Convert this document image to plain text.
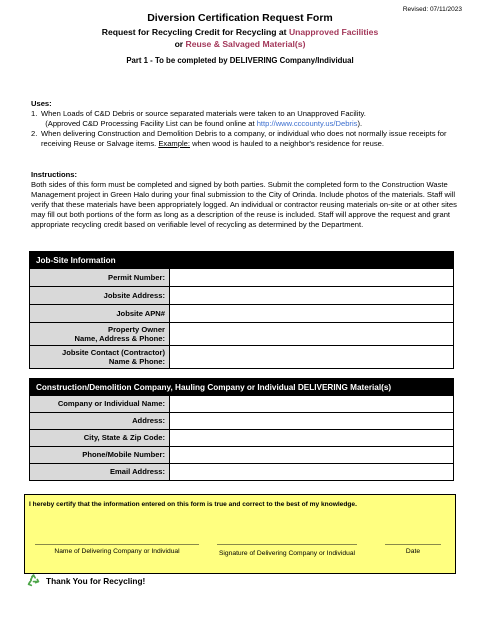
Revised: 07/11/2023
Diversion Certification Request Form
Request for Recycling Credit for Recycling at Unapproved Facilities
or Reuse & Salvaged Material(s)
Part 1 - To be completed by DELIVERING Company/Individual
Uses:
1. When Loads of C&D Debris or source separated materials were taken to an Unapproved Facility.
(Approved C&D Processing Facility List can be found online at http://www.cccounty.us/Debris).
2. When delivering Construction and Demolition Debris to a company, or individual who does not normally issue receipts for receiving Reuse or Salvage items. Example: when wood is hauled to a neighbor's residence for reuse.
Instructions:
Both sides of this form must be completed and signed by both parties. Submit the completed form to the Construction Waste Management project in Green Halo during your final submission to the City of Orinda. Include photos of the materials. Staff will verify that these materials have been appropriately logged. An individual or contractor reusing materials on-site or at other sites may fill out both portions of the form as long as a description of the reuse is included. Staff will approve the request and grant appropriate recycling credit based on verifiable level of recycling as determined by the Department.
Job-Site Information	
Permit Number:	
Jobsite Address:	
Jobsite APN#	
Property Owner
Name, Address & Phone:	
Jobsite Contact (Contractor)
Name & Phone:	
Construction/Demolition Company, Hauling Company or Individual DELIVERING Material(s)	
Company or Individual Name:	
Address:	
City, State & Zip Code:	
Phone/Mobile Number:	
Email Address:	
I hereby certify that the information entered on this form is true and correct to the best of my knowledge.
Name of Delivering Company or Individual	Signature of Delivering Company or Individual	Date
Thank You for Recycling!
